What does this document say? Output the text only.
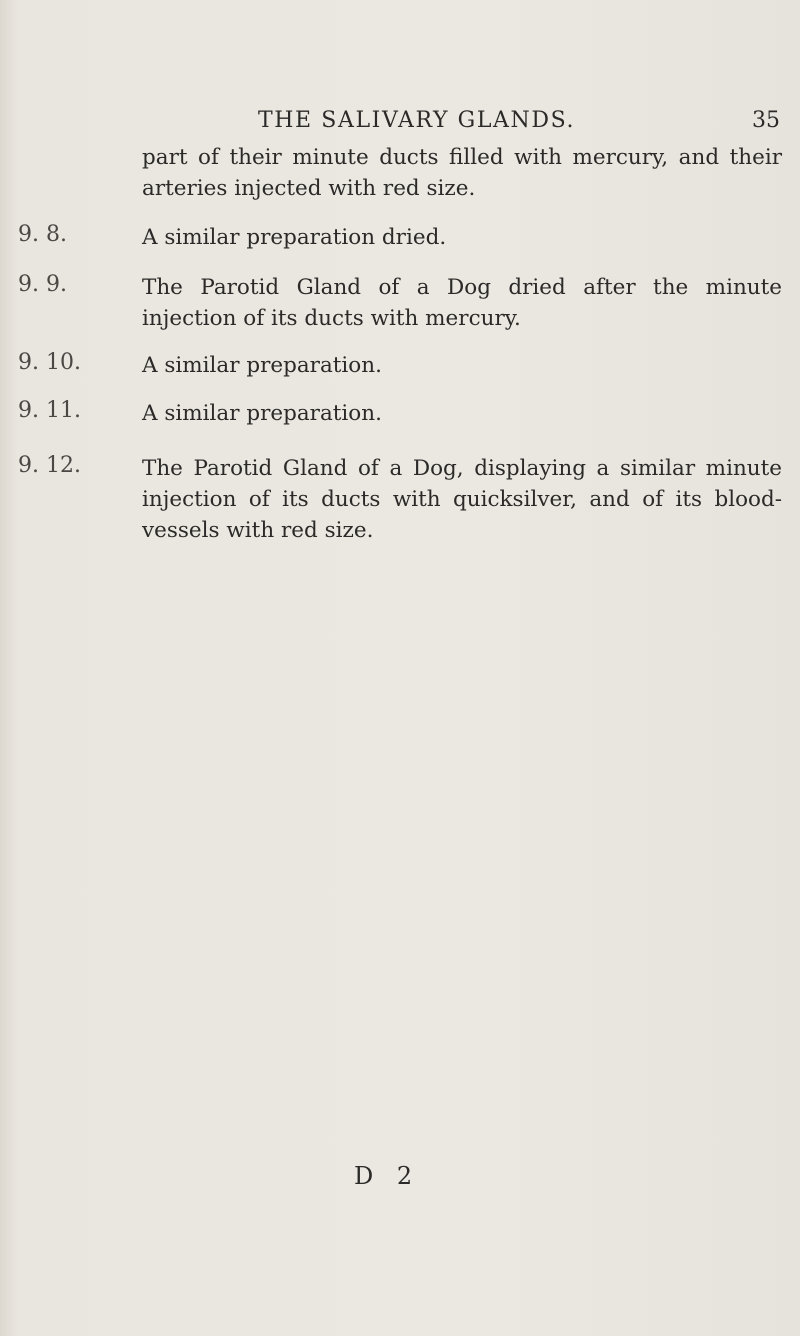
THE SALIVARY GLANDS.	35
part of their minute ducts filled with mercury, and their arteries injected with red size.
9. 8.	A similar preparation dried.
9. 9.	The Parotid Gland of a Dog dried after the minute injection of its ducts with mercury.
9. 10.	A similar preparation.
9. 11.	A similar preparation.
9. 12.	The Parotid Gland of a Dog, displaying a similar minute injection of its ducts with quicksilver, and of its blood-vessels with red size.
D 2
